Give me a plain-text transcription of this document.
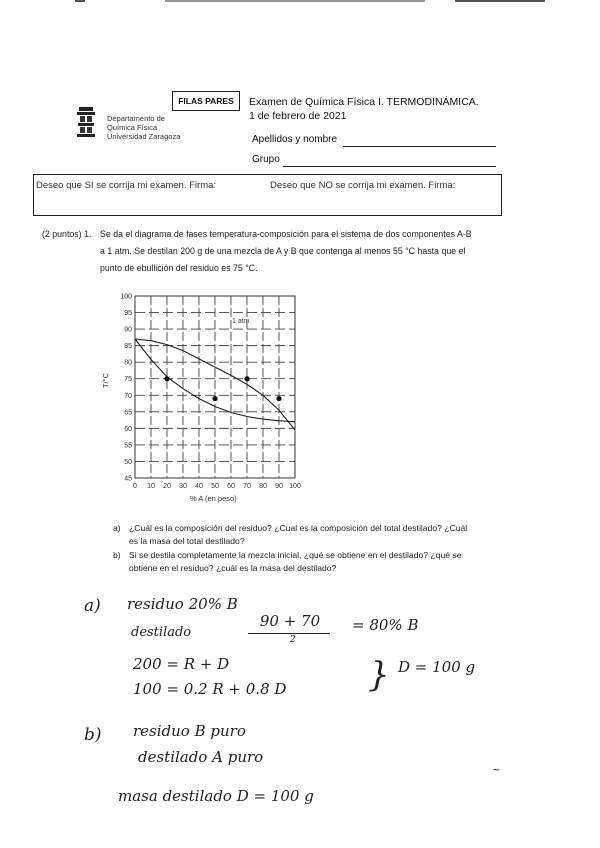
Departamento de
Química Física
Universidad Zaragoza
FILAS PARES	Examen de Química Física I. TERMODINÁMICA.
1 de febrero de 2021
Apellidos y nombre
Grupo
Deseo que SI se corrija mi examen. Firma:	Deseo que NO se corrija mi examen. Firma:
(2 puntos) 1. Se da el diagrama de fases temperatura-composición para el sistema de dos componentes A-B
a 1 atm. Se destilan 200 g de una mezcla de A y B que contenga al menos 55 °C hasta que el
punto de ebullición del residuo es 75 °C.
0 10 20 30 40 50 60 70 80 90 100
45
50
55
60
65
70
75
80
85
90
95
100
1 atm
T/°C
% A (en peso)
a) ¿Cuál es la composición del residuo? ¿Cual es la composición del total destilado? ¿Cuál
es la masa del total destilado?
b) Si se destila completamente la mezcla inicial, ¿qué se obtiene en el destilado? ¿qué se
obtiene en el residuo? ¿cuál es la masa del destilado?
a) residuo 20% B
destilado
90 + 70
2
= 80% B
200 = R + D
100 = 0.2 R + 0.8 D } D = 100 g
b) residuo B puro
destilado A puro
masa destilado D = 100 g
~
